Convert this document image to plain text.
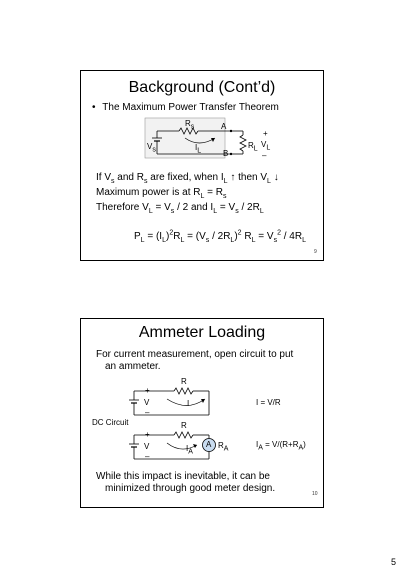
Background (Cont’d)
• The Maximum Power Transfer Theorem
$R_s$
$V_s$	$I_L$
A
B
$R_L$
+
$V_L$
–
If $V_s$ and $R_s$ are fixed, when $I_L$ ↑ then $V_L$ ↓
Maximum power is at $R_L = R_s$
Therefore $V_L = V_s / 2$ and $I_L = V_s / 2R_L$
$P_L = (I_L)^2R_L = (V_s / 2R_L)^2$ $R_L = V_s^2 / 4R_L$
9
Ammeter Loading
For current measurement, open circuit to put
an ammeter.
+
V
–
R
I	I = V/R
DC Circuit
+
V
–
R
$I_A$
A $R_A$
$I_A = V/(R+R_A)$
While this impact is inevitable, it can be
minimized through good meter design.	10
5
